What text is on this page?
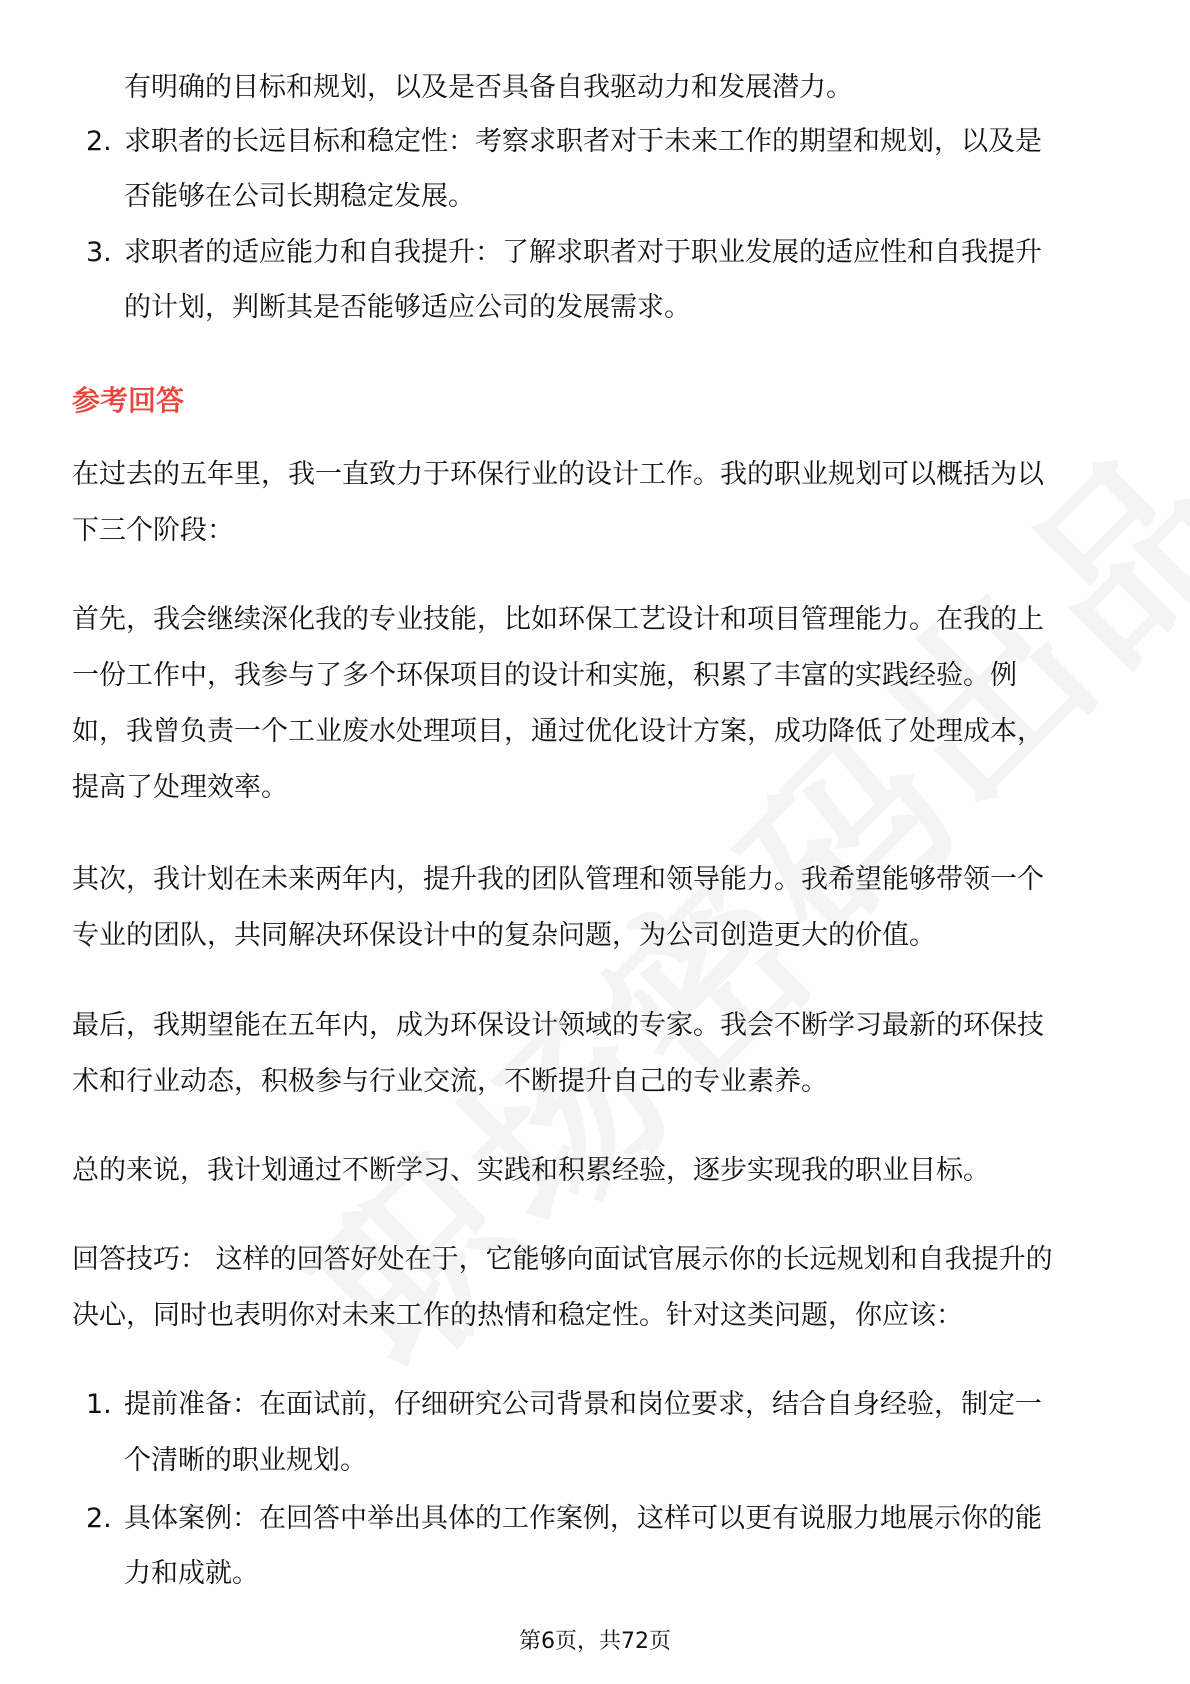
有明确的目标和规划，以及是否具备自我驱动力和发展潜力。
2. 求职者的长远目标和稳定性：考察求职者对于未来工作的期望和规划，以及是
否能够在公司长期稳定发展。
3. 求职者的适应能力和自我提升：了解求职者对于职业发展的适应性和自我提升
的计划，判断其是否能够适应公司的发展需求。
参考回答
在过去的五年里，我一直致力于环保行业的设计工作。我的职业规划可以概括为以
下三个阶段：
首先，我会继续深化我的专业技能，比如环保工艺设计和项目管理能力。在我的上
一份工作中，我参与了多个环保项目的设计和实施，积累了丰富的实践经验。例
如，我曾负责一个工业废水处理项目，通过优化设计方案，成功降低了处理成本，
提高了处理效率。
其次，我计划在未来两年内，提升我的团队管理和领导能力。我希望能够带领一个
专业的团队，共同解决环保设计中的复杂问题，为公司创造更大的价值。
最后，我期望能在五年内，成为环保设计领域的专家。我会不断学习最新的环保技
术和行业动态，积极参与行业交流，不断提升自己的专业素养。
总的来说，我计划通过不断学习、实践和积累经验，逐步实现我的职业目标。
回答技巧： 这样的回答好处在于，它能够向面试官展示你的长远规划和自我提升的
决心，同时也表明你对未来工作的热情和稳定性。针对这类问题，你应该：
1. 提前准备：在面试前，仔细研究公司背景和岗位要求，结合自身经验，制定一
个清晰的职业规划。
2. 具体案例：在回答中举出具体的工作案例，这样可以更有说服力地展示你的能
力和成就。
第6页，共72页
